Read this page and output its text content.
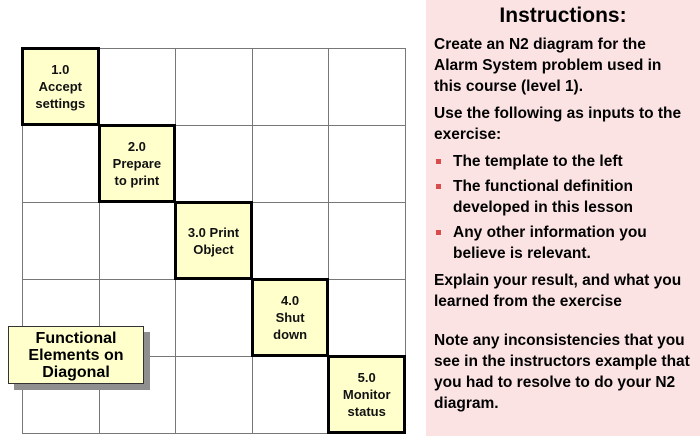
1.0
Accept
settings
2.0
Prepare
to print
3.0 Print
Object
4.0
Shut
down
5.0
Monitor
status
Functional
Elements on
Diagonal
Instructions:

Create an N2 diagram for the Alarm System problem used in this course (level 1).

Use the following as inputs to the exercise:

The template to the left
The functional definition developed in this lesson
Any other information you believe is relevant.

Explain your result, and what you learned from the exercise

Note any inconsistencies that you see in the instructors example that you had to resolve to do your N2 diagram.
